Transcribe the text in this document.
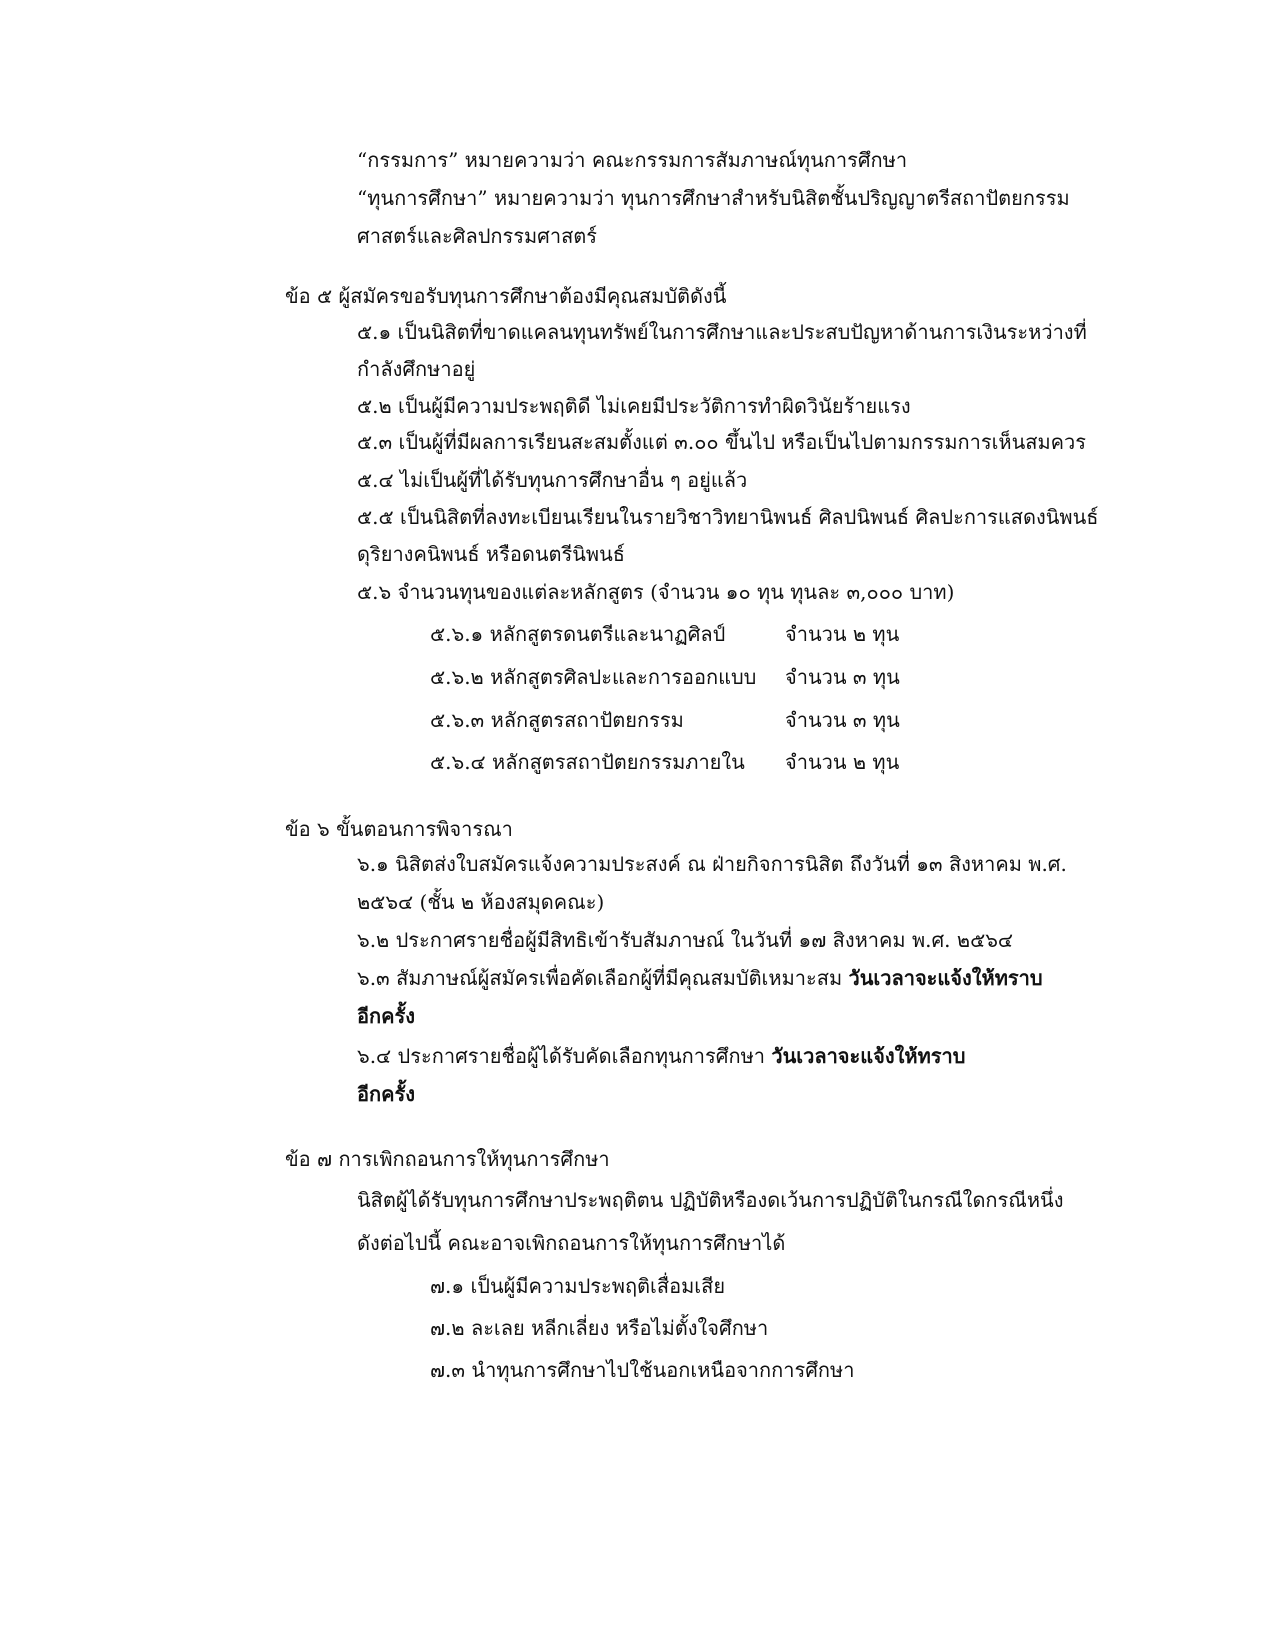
“กรรมการ” หมายความว่า คณะกรรมการสัมภาษณ์ทุนการศึกษา
“ทุนการศึกษา” หมายความว่า ทุนการศึกษาสำหรับนิสิตชั้นปริญญาตรีสถาปัตยกรรม
ศาสตร์และศิลปกรรมศาสตร์
ข้อ ๕ ผู้สมัครขอรับทุนการศึกษาต้องมีคุณสมบัติดังนี้
๕.๑ เป็นนิสิตที่ขาดแคลนทุนทรัพย์ในการศึกษาและประสบปัญหาด้านการเงินระหว่างที่
กำลังศึกษาอยู่
๕.๒ เป็นผู้มีความประพฤติดี ไม่เคยมีประวัติการทำผิดวินัยร้ายแรง
๕.๓ เป็นผู้ที่มีผลการเรียนสะสมตั้งแต่ ๓.๐๐ ขึ้นไป หรือเป็นไปตามกรรมการเห็นสมควร
๕.๔ ไม่เป็นผู้ที่ได้รับทุนการศึกษาอื่น ๆ อยู่แล้ว
๕.๕ เป็นนิสิตที่ลงทะเบียนเรียนในรายวิชาวิทยานิพนธ์ ศิลปนิพนธ์ ศิลปะการแสดงนิพนธ์
ดุริยางคนิพนธ์ หรือดนตรีนิพนธ์
๕.๖ จำนวนทุนของแต่ละหลักสูตร (จำนวน ๑๐ ทุน ทุนละ ๓,๐๐๐ บาท)
๕.๖.๑ หลักสูตรดนตรีและนาฏศิลป์	จำนวน ๒ ทุน
๕.๖.๒ หลักสูตรศิลปะและการออกแบบ จำนวน ๓ ทุน
๕.๖.๓ หลักสูตรสถาปัตยกรรม	จำนวน ๓ ทุน
๕.๖.๔ หลักสูตรสถาปัตยกรรมภายใน จำนวน ๒ ทุน
ข้อ ๖ ขั้นตอนการพิจารณา
๖.๑ นิสิตส่งใบสมัครแจ้งความประสงค์ ณ ฝ่ายกิจการนิสิต ถึงวันที่ ๑๓ สิงหาคม พ.ศ.
๒๕๖๔ (ชั้น ๒ ห้องสมุดคณะ)
๖.๒ ประกาศรายชื่อผู้มีสิทธิเข้ารับสัมภาษณ์ ในวันที่ ๑๗ สิงหาคม พ.ศ. ๒๕๖๔
๖.๓ สัมภาษณ์ผู้สมัครเพื่อคัดเลือกผู้ที่มีคุณสมบัติเหมาะสม วันเวลาจะแจ้งให้ทราบ
อีกครั้ง
๖.๔ ประกาศรายชื่อผู้ได้รับคัดเลือกทุนการศึกษา วันเวลาจะแจ้งให้ทราบ
อีกครั้ง
ข้อ ๗ การเพิกถอนการให้ทุนการศึกษา
นิสิตผู้ได้รับทุนการศึกษาประพฤติตน ปฏิบัติหรืองดเว้นการปฏิบัติในกรณีใดกรณีหนึ่ง
ดังต่อไปนี้ คณะอาจเพิกถอนการให้ทุนการศึกษาได้
๗.๑ เป็นผู้มีความประพฤติเสื่อมเสีย
๗.๒ ละเลย หลีกเลี่ยง หรือไม่ตั้งใจศึกษา
๗.๓ นำทุนการศึกษาไปใช้นอกเหนือจากการศึกษา
